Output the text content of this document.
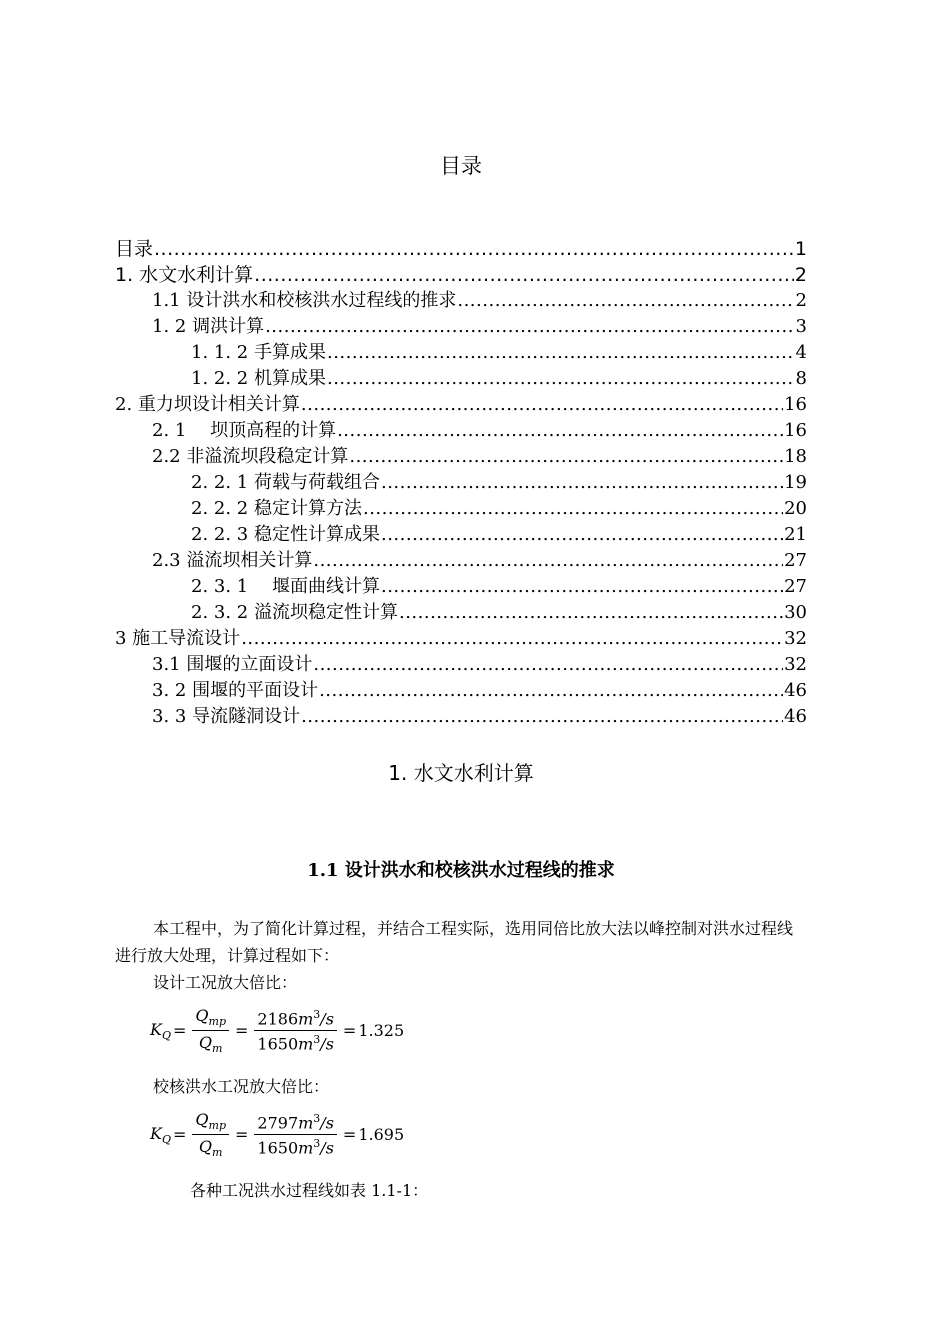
目录
目录 .....	1
1. 水文水利计算 .....	2
1.1 设计洪水和校核洪水过程线的推求 .....	2
1. 2 调洪计算 .....	3
1. 1. 2 手算成果 .....	4
1. 2. 2 机算成果 .....	8
2. 重力坝设计相关计算 .....	16
2. 1　 坝顶高程的计算 .....	16
2.2 非溢流坝段稳定计算 .....	18
2. 2. 1 荷载与荷载组合 .....	19
2. 2. 2 稳定计算方法 .....	20
2. 2. 3 稳定性计算成果 .....	21
2.3 溢流坝相关计算 .....	27
2. 3. 1　 堰面曲线计算 .....	27
2. 3. 2 溢流坝稳定性计算 .....	30
3 施工导流设计 .....	32
3.1 围堰的立面设计 .....	32
3. 2 围堰的平面设计 .....	46
3. 3 导流隧洞设计 .....	46
1. 水文水利计算
1.1 设计洪水和校核洪水过程线的推求
本工程中，为了简化计算过程，并结合工程实际，选用同倍比放大法以峰控制对洪水过程线进行放大处理，计算过程如下：
设计工况放大倍比：
$K_Q = \frac{Q_{mp}}{Q_m} = \frac{2186m^3/s}{1650m^3/s} = 1.325$
校核洪水工况放大倍比：
$K_Q = \frac{Q_{mp}}{Q_m} = \frac{2797m^3/s}{1650m^3/s} = 1.695$
各种工况洪水过程线如表 1.1-1：
